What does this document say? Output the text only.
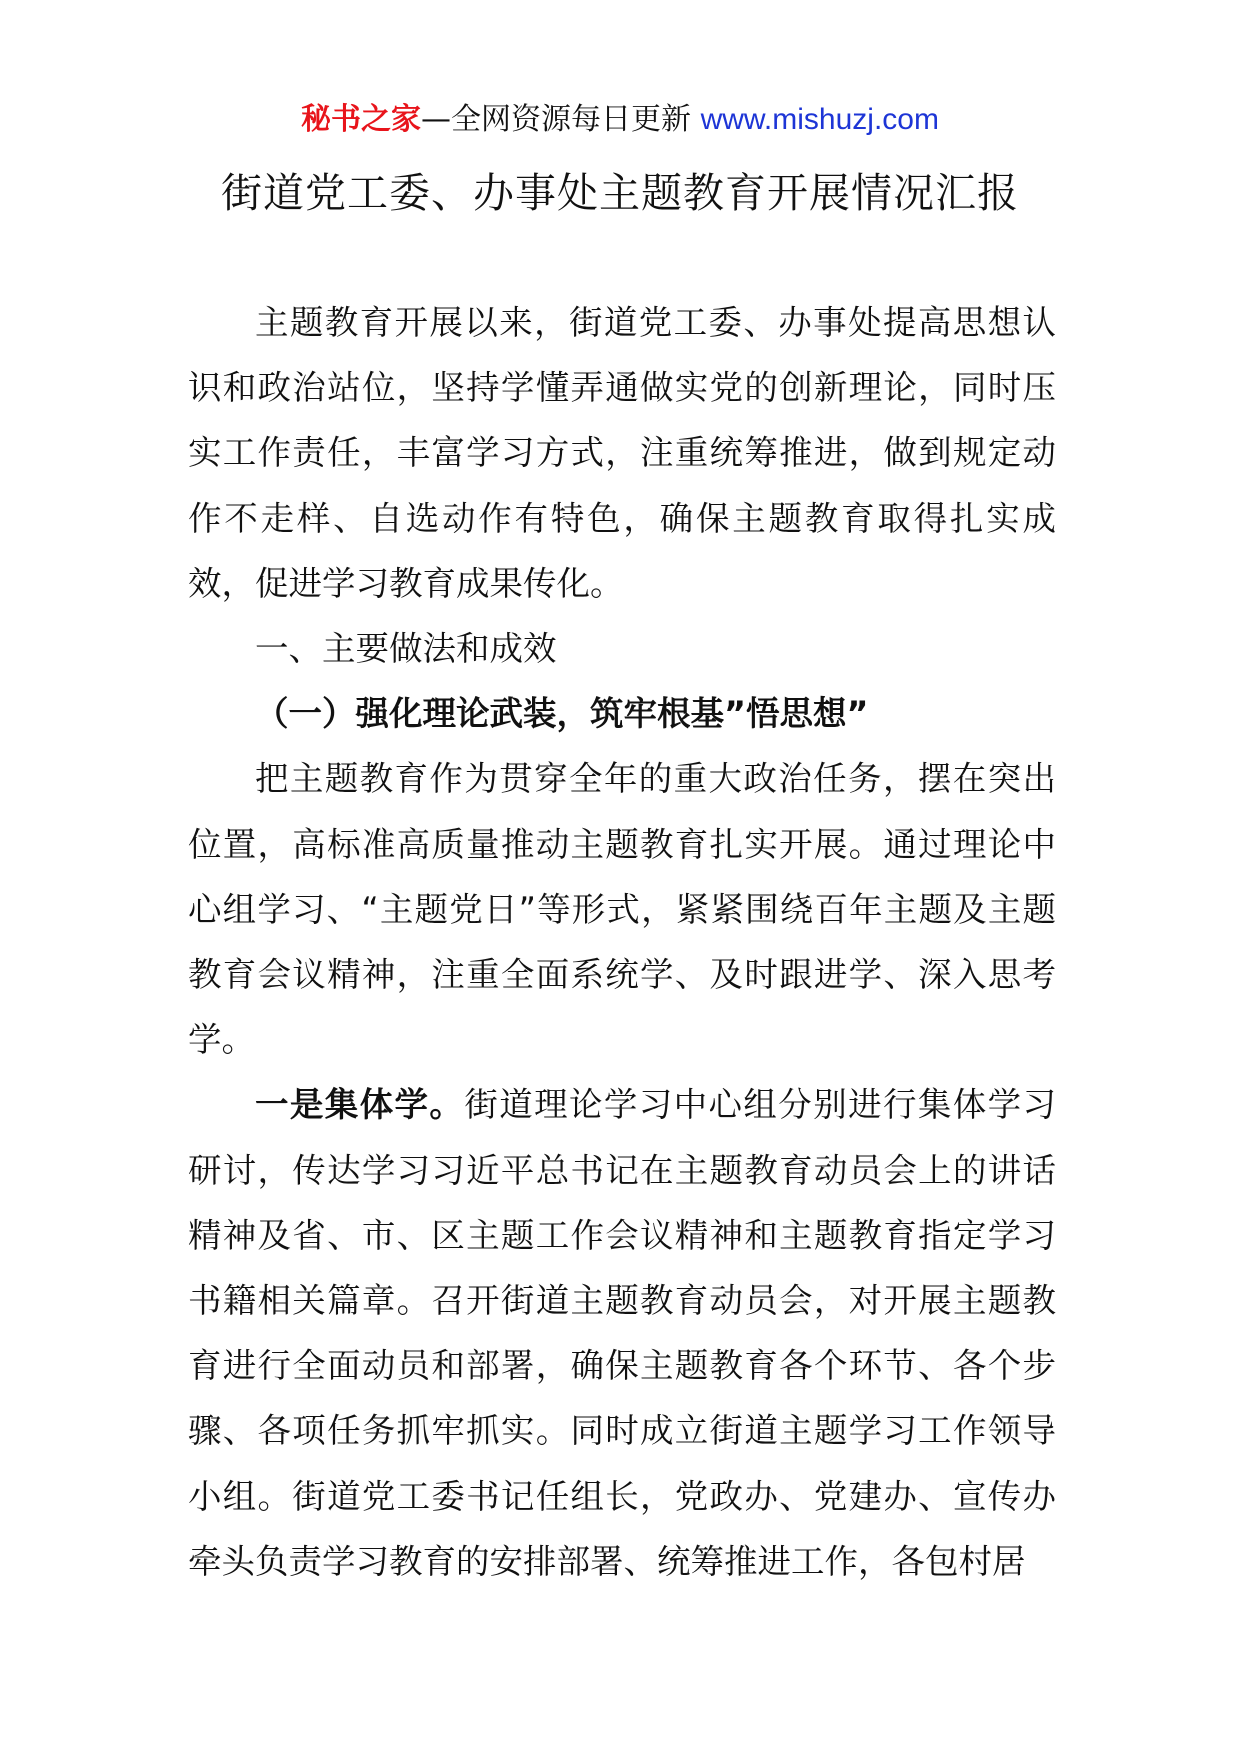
秘书之家—全网资源每日更新 www.mishuzj.com
街道党工委、办事处主题教育开展情况汇报

主题教育开展以来，街道党工委、办事处提高思想认识和政治站位，坚持学懂弄通做实党的创新理论，同时压实工作责任，丰富学习方式，注重统筹推进，做到规定动作不走样、自选动作有特色，确保主题教育取得扎实成效，促进学习教育成果传化。

一、主要做法和成效

（一）强化理论武装，筑牢根基”悟思想”

把主题教育作为贯穿全年的重大政治任务，摆在突出位置，高标准高质量推动主题教育扎实开展。通过理论中心组学习、“主题党日”等形式，紧紧围绕百年主题及主题教育会议精神，注重全面系统学、及时跟进学、深入思考学。

一是集体学。街道理论学习中心组分别进行集体学习研讨，传达学习习近平总书记在主题教育动员会上的讲话精神及省、市、区主题工作会议精神和主题教育指定学习书籍相关篇章。召开街道主题教育动员会，对开展主题教育进行全面动员和部署，确保主题教育各个环节、各个步骤、各项任务抓牢抓实。同时成立街道主题学习工作领导小组。街道党工委书记任组长，党政办、党建办、宣传办牵头负责学习教育的安排部署、统筹推进工作，各包村居
